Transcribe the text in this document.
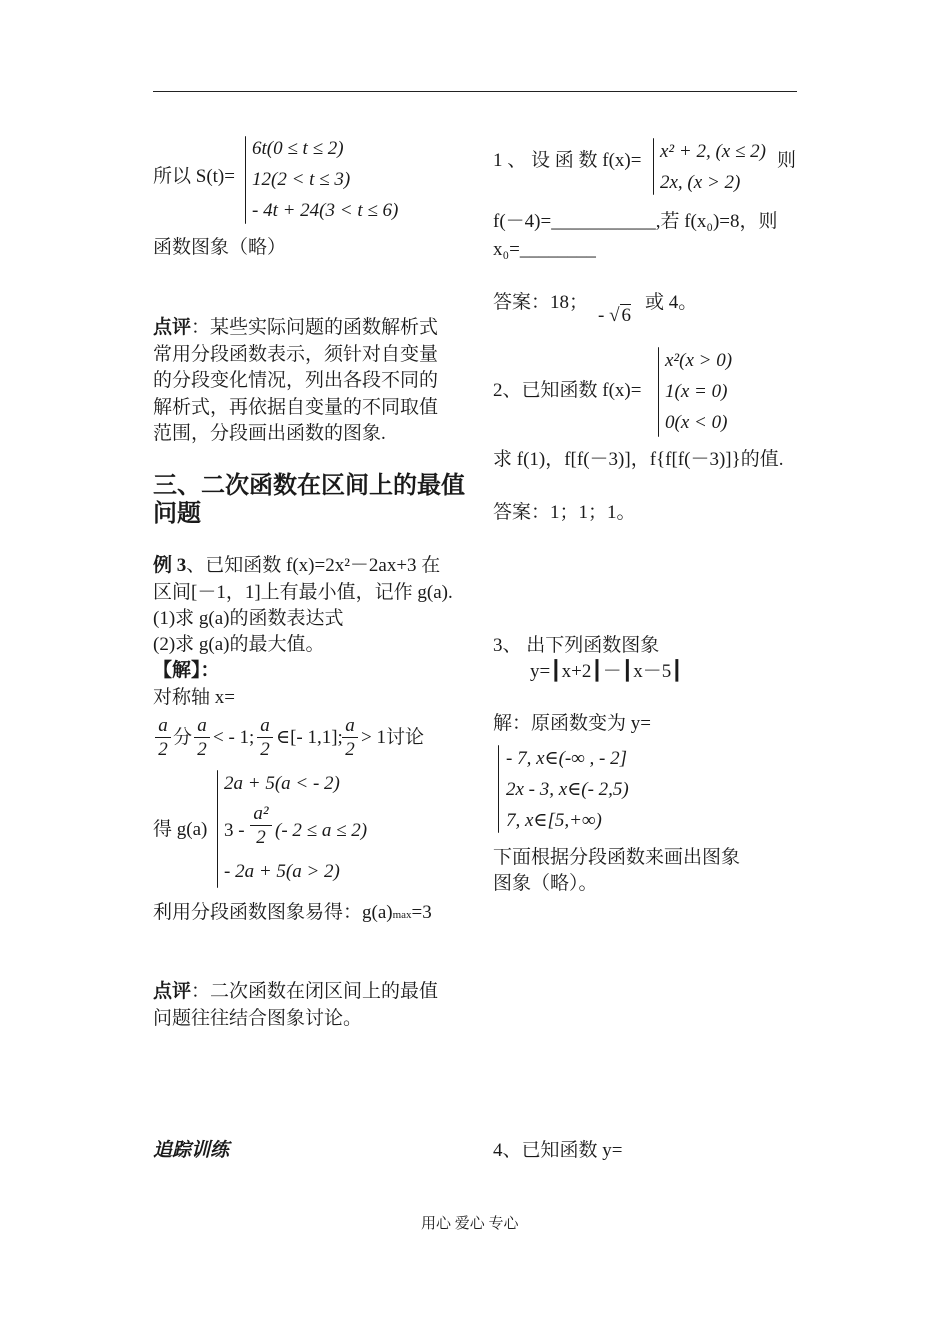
所以 S(t)=
6t(0 ≤ t ≤ 2)
12(2 < t ≤ 3)
- 4t + 24(3 < t ≤ 6)
函数图象（略）
点评：某些实际问题的函数解析式
常用分段函数表示，须针对自变量
的分段变化情况，列出各段不同的
解析式，再依据自变量的不同取值
范围，分段画出函数的图象.
三、二次函数在区间上的最值
问题
例 3、已知函数 f(x)=2x²－2ax+3 在
区间[－1，1]上有最小值，记作 g(a).
(1)求 g(a)的函数表达式
(2)求 g(a)的最大值。
【解】：
对称轴 x=
a
2
分
a
2
< - 1;
a
2
∈[- 1,1];
a
2
> 1讨论
得 g(a)
2a + 5(a < - 2)
3 -
a²
2 (- 2 ≤ a ≤ 2)
- 2a + 5(a > 2)
利用分段函数图象易得：g(a)max=3
点评：二次函数在闭区间上的最值
问题往往结合图象讨论。
追踪训练
1 、 设 函 数 f(x)= x² + 2, (x ≤ 2)
2x, (x > 2)
则
f(－4)=___________,若 f(x₀)=8，则
x₀=________
答案：18；
- √ 6
或 4。
2、已知函数 f(x)=
x²(x > 0)
1(x = 0)
0(x < 0)
求 f(1)，f[f(－3)]，f{f[f(－3)]}的值.
答案：1；1；1。
3、 出下列函数图象
y=┃x+2┃－┃x－5┃
解：原函数变为 y=
- 7, x∈(-∞ , - 2]
2x - 3, x∈(- 2,5)
7, x∈[5,+∞)
下面根据分段函数来画出图象
图象（略）。
4、已知函数 y=
用心 爱心 专心
